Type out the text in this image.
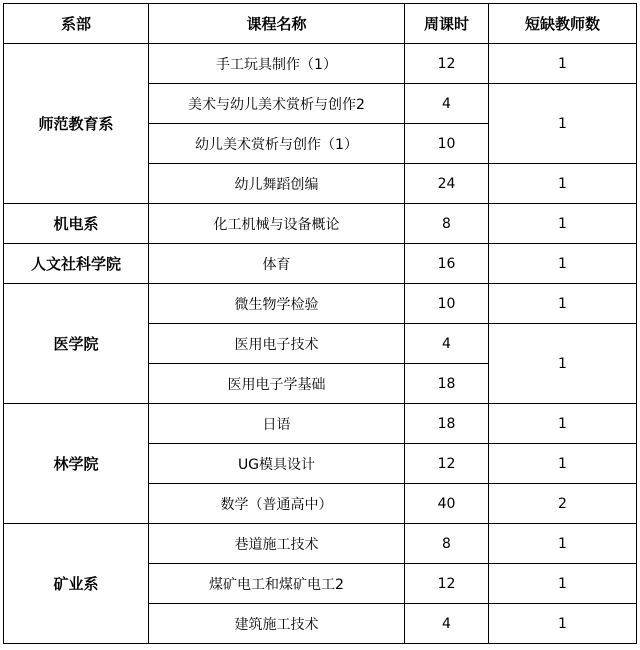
系部	课程名称	周课时	短缺教师数
师范教育系	手工玩具制作（1）	12	1
	美术与幼儿美术赏析与创作2	4	1
	幼儿美术赏析与创作（1）	10	
	幼儿舞蹈创编	24	1
机电系	化工机械与设备概论	8	1
人文社科学院	体育	16	1
医学院	微生物学检验	10	1
	医用电子技术	4	1
	医用电子学基础	18	
林学院	日语	18	1
	UG模具设计	12	1
	数学（普通高中）	40	2
矿业系	巷道施工技术	8	1
	煤矿电工和煤矿电工2	12	1
	建筑施工技术	4	1
